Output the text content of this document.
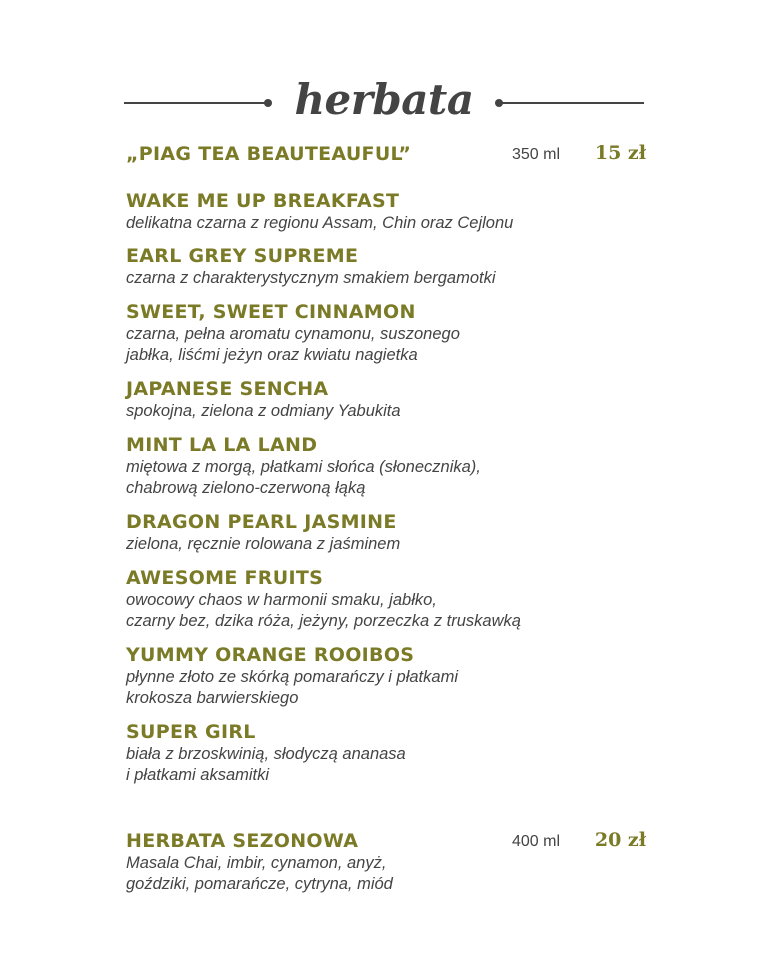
herbata
„PIAG TEA BEAUTEAUFUL”	350 ml 15 zł
WAKE ME UP BREAKFAST
delikatna czarna z regionu Assam, Chin oraz Cejlonu
EARL GREY SUPREME
czarna z charakterystycznym smakiem bergamotki
SWEET, SWEET CINNAMON
czarna, pełna aromatu cynamonu, suszonego
jabłka, liśćmi jeżyn oraz kwiatu nagietka
JAPANESE SENCHA
spokojna, zielona z odmiany Yabukita
MINT LA LA LAND
miętowa z morgą, płatkami słońca (słonecznika),
chabrową zielono-czerwoną łąką
DRAGON PEARL JASMINE
zielona, ręcznie rolowana z jaśminem
AWESOME FRUITS
owocowy chaos w harmonii smaku, jabłko,
czarny bez, dzika róża, jeżyny, porzeczka z truskawką
YUMMY ORANGE ROOIBOS
płynne złoto ze skórką pomarańczy i płatkami
krokosza barwierskiego
SUPER GIRL
biała z brzoskwinią, słodyczą ananasa
i płatkami aksamitki
HERBATA SEZONOWA	400 ml 20 zł
Masala Chai, imbir, cynamon, anyż,
goździki, pomarańcze, cytryna, miód
